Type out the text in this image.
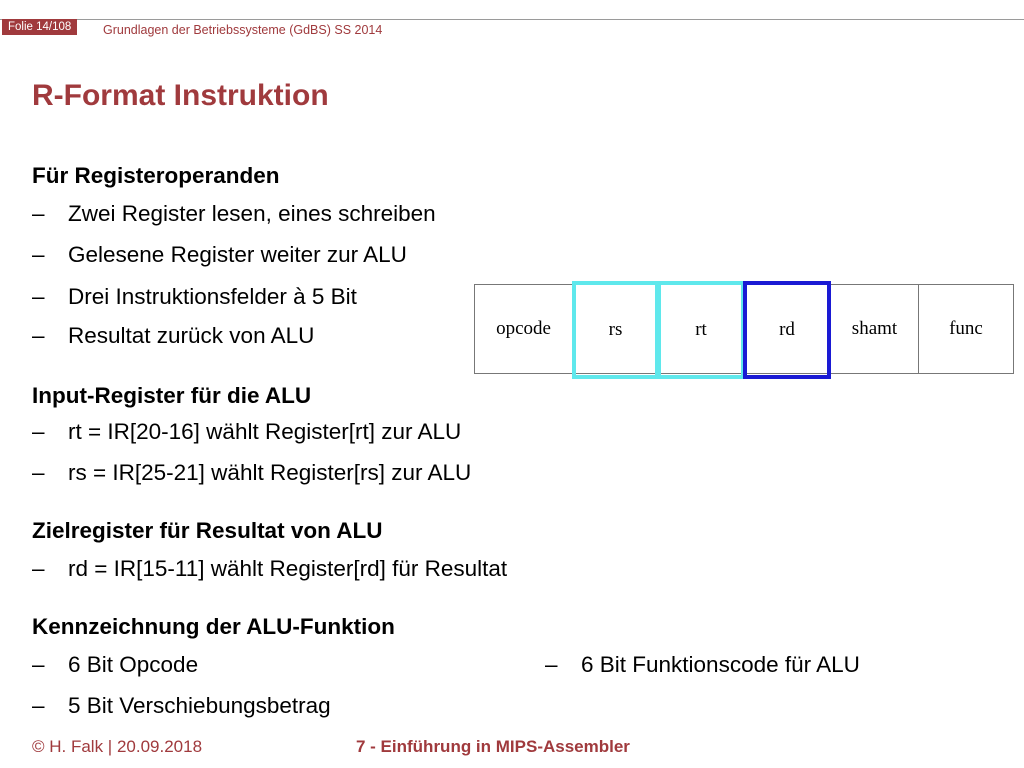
Folie 14/108	Grundlagen der Betriebssysteme (GdBS) SS 2014
R-Format Instruktion
Für Registeroperanden
– Zwei Register lesen, eines schreiben
– Gelesene Register weiter zur ALU
– Drei Instruktionsfelder à 5 Bit
– Resultat zurück von ALU	opcode	rs	rt	rd	shamt	func
Input-Register für die ALU
– rt = IR[20-16] wählt Register[rt] zur ALU
– rs = IR[25-21] wählt Register[rs] zur ALU
Zielregister für Resultat von ALU
– rd = IR[15-11] wählt Register[rd] für Resultat
Kennzeichnung der ALU-Funktion
– 6 Bit Opcode	– 6 Bit Funktionscode für ALU
– 5 Bit Verschiebungsbetrag
© H. Falk | 20.09.2018	7 - Einführung in MIPS-Assembler
